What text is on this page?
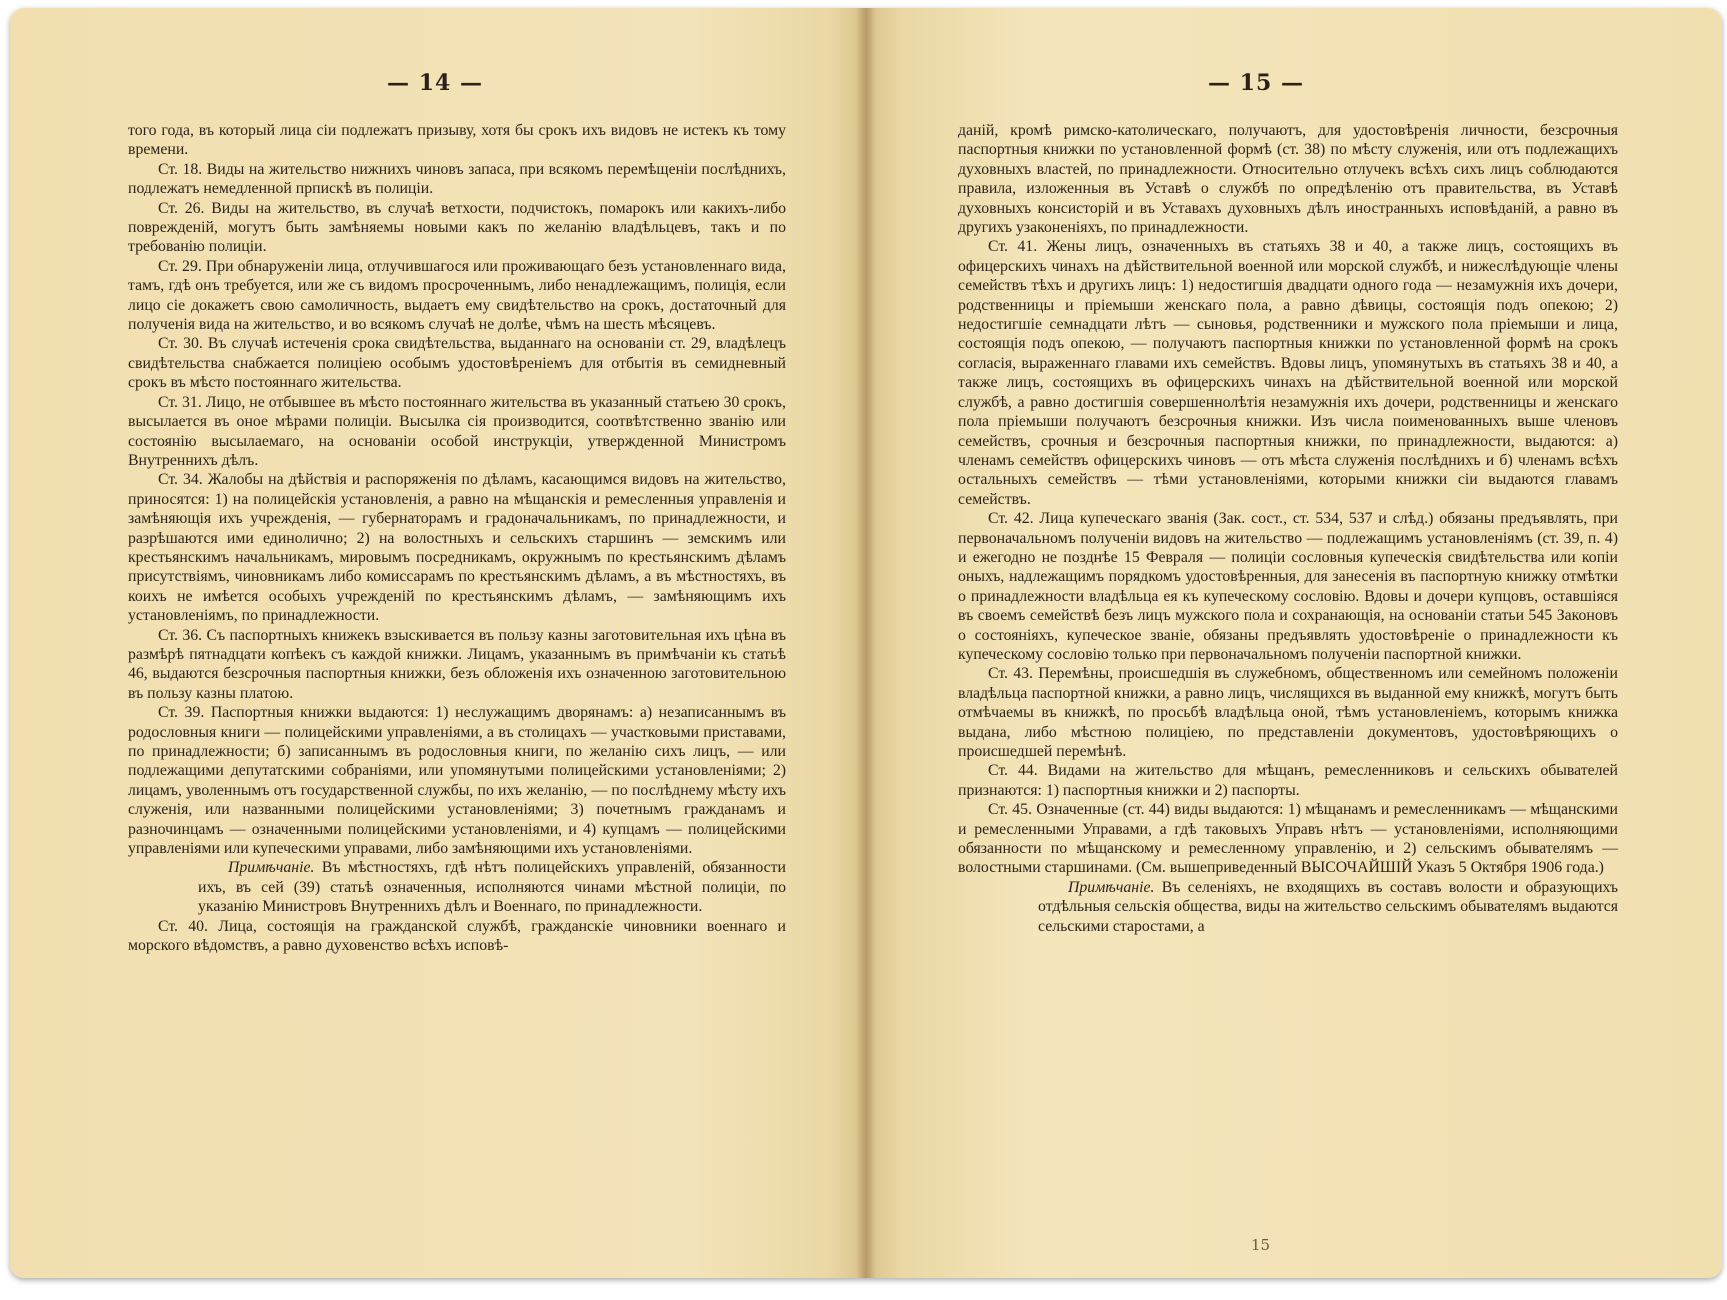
— 14 —

того года, въ который лица сіи подлежатъ призыву, хотя бы срокъ ихъ видовъ не истекъ къ тому времени.

Ст. 18. Виды на жительство нижнихъ чиновъ запаса, при всякомъ перемѣщеніи послѣднихъ, подлежатъ немедленной прпискѣ въ полиціи.

Ст. 26. Виды на жительство, въ случаѣ ветхости, подчистокъ, помарокъ или какихъ-либо поврежденій, могутъ быть замѣняемы новыми какъ по желанію владѣльцевъ, такъ и по требованію полиціи.

Ст. 29. При обнаруженіи лица, отлучившагося или проживающаго безъ установленнаго вида, тамъ, гдѣ онъ требуется, или же съ видомъ просроченнымъ, либо ненадлежащимъ, полиція, если лицо сіе докажетъ свою самоличность, выдаетъ ему свидѣтельство на срокъ, достаточный для полученія вида на жительство, и во всякомъ случаѣ не долѣе, чѣмъ на шесть мѣсяцевъ.

Ст. 30. Въ случаѣ истеченія срока свидѣтельства, выданнаго на основаніи ст. 29, владѣлецъ свидѣтельства снабжается полиціею особымъ удостовѣреніемъ для отбытія въ семидневный срокъ въ мѣсто постояннаго жительства.

Ст. 31. Лицо, не отбывшее въ мѣсто постояннаго жительства въ указанный статьею 30 срокъ, высылается въ оное мѣрами полиціи. Высылка сія производится, соотвѣтственно званію или состоянію высылаемаго, на основаніи особой инструкціи, утвержденной Министромъ Внутреннихъ дѣлъ.

Ст. 34. Жалобы на дѣйствія и распоряженія по дѣламъ, касающимся видовъ на жительство, приносятся: 1) на полицейскія установленія, а равно на мѣщанскія и ремесленныя управленія и замѣняющія ихъ учрежденія, — губернаторамъ и градоначальникамъ, по принадлежности, и разрѣшаются ими единолично; 2) на волостныхъ и сельскихъ старшинъ — земскимъ или крестьянскимъ начальникамъ, мировымъ посредникамъ, окружнымъ по крестьянскимъ дѣламъ присутствіямъ, чиновникамъ либо комиссарамъ по крестьянскимъ дѣламъ, а въ мѣстностяхъ, въ коихъ не имѣется особыхъ учрежденій по крестьянскимъ дѣламъ, — замѣняющимъ ихъ установленіямъ, по принадлежности.

Ст. 36. Съ паспортныхъ книжекъ взыскивается въ пользу казны заготовительная ихъ цѣна въ размѣрѣ пятнадцати копѣекъ съ каждой книжки. Лицамъ, указаннымъ въ примѣчаніи къ статьѣ 46, выдаются безсрочныя паспортныя книжки, безъ обложенія ихъ означенною заготовительною въ пользу казны платою.

Ст. 39. Паспортныя книжки выдаются: 1) неслужащимъ дворянамъ: а) незаписаннымъ въ родословныя книги — полицейскими управленіями, а въ столицахъ — участковыми приставами, по принадлежности; б) записаннымъ въ родословныя книги, по желанію сихъ лицъ, — или подлежащими депутатскими собраніями, или упомянутыми полицейскими установленіями; 2) лицамъ, уволеннымъ отъ государственной службы, по ихъ желанію, — по послѣднему мѣсту ихъ служенія, или названными полицейскими установленіями; 3) почетнымъ гражданамъ и разночинцамъ — означенными полицейскими установленіями, и 4) купцамъ — полицейскими управленіями или купеческими управами, либо замѣняющими ихъ установленіями.

Примѣчаніе. Въ мѣстностяхъ, гдѣ нѣтъ полицейскихъ управленій, обязанности ихъ, въ сей (39) статьѣ означенныя, исполняются чинами мѣстной полиціи, по указанію Министровъ Внутреннихъ дѣлъ и Военнаго, по принадлежности.

Ст. 40. Лица, состоящія на гражданской службѣ, гражданскіе чиновники военнаго и морского вѣдомствъ, а равно духовенство всѣхъ исповѣ-

— 15 —

даній, кромѣ римско-католическаго, получаютъ, для удостовѣренія личности, безсрочныя паспортныя книжки по установленной формѣ (ст. 38) по мѣсту служенія, или отъ подлежащихъ духовныхъ властей, по принадлежности. Относительно отлучекъ всѣхъ сихъ лицъ соблюдаются правила, изложенныя въ Уставѣ о службѣ по опредѣленію отъ правительства, въ Уставѣ духовныхъ консисторій и въ Уставахъ духовныхъ дѣлъ иностранныхъ исповѣданій, а равно въ другихъ узаконеніяхъ, по принадлежности.

Ст. 41. Жены лицъ, означенныхъ въ статьяхъ 38 и 40, а также лицъ, состоящихъ въ офицерскихъ чинахъ на дѣйствительной военной или морской службѣ, и нижеслѣдующіе члены семействъ тѣхъ и другихъ лицъ: 1) недостигшія двадцати одного года — незамужнія ихъ дочери, родственницы и пріемыши женскаго пола, а равно дѣвицы, состоящія подъ опекою; 2) недостигшіе семнадцати лѣтъ — сыновья, родственники и мужского пола пріемыши и лица, состоящія подъ опекою, — получаютъ паспортныя книжки по установленной формѣ на срокъ согласія, выраженнаго главами ихъ семействъ. Вдовы лицъ, упомянутыхъ въ статьяхъ 38 и 40, а также лицъ, состоящихъ въ офицерскихъ чинахъ на дѣйствительной военной или морской службѣ, а равно достигшія совершеннолѣтія незамужнія ихъ дочери, родственницы и женскаго пола пріемыши получаютъ безсрочныя книжки. Изъ числа поименованныхъ выше членовъ семействъ, срочныя и безсрочныя паспортныя книжки, по принадлежности, выдаются: а) членамъ семействъ офицерскихъ чиновъ — отъ мѣста служенія послѣднихъ и б) членамъ всѣхъ остальныхъ семействъ — тѣми установленіями, которыми книжки сіи выдаются главамъ семействъ.

Ст. 42. Лица купеческаго званія (Зак. сост., ст. 534, 537 и слѣд.) обязаны предъявлять, при первоначальномъ полученіи видовъ на жительство — подлежащимъ установленіямъ (ст. 39, п. 4) и ежегодно не позднѣе 15 Февраля — полиціи сословныя купеческія свидѣтельства или копіи оныхъ, надлежащимъ порядкомъ удостовѣренныя, для занесенія въ паспортную книжку отмѣтки о принадлежности владѣльца ея къ купеческому сословію. Вдовы и дочери купцовъ, оставшіяся въ своемъ семействѣ безъ лицъ мужского пола и сохранающія, на основаніи статьи 545 Законовъ о состояніяхъ, купеческое званіе, обязаны предъявлять удостовѣреніе о принадлежности къ купеческому сословію только при первоначальномъ полученіи паспортной книжки.

Ст. 43. Перемѣны, происшедшія въ служебномъ, общественномъ или семейномъ положеніи владѣльца паспортной книжки, а равно лицъ, числящихся въ выданной ему книжкѣ, могутъ быть отмѣчаемы въ книжкѣ, по просьбѣ владѣльца оной, тѣмъ установленіемъ, которымъ книжка выдана, либо мѣстною полиціею, по представленіи документовъ, удостовѣряющихъ о происшедшей перемѣнѣ.

Ст. 44. Видами на жительство для мѣщанъ, ремесленниковъ и сельскихъ обывателей признаются: 1) паспортныя книжки и 2) паспорты.

Ст. 45. Означенные (ст. 44) виды выдаются: 1) мѣщанамъ и ремесленникамъ — мѣщанскими и ремесленными Управами, а гдѣ таковыхъ Управъ нѣтъ — установленіями, исполняющими обязанности по мѣщанскому и ремесленному управленію, и 2) сельскимъ обывателямъ — волостными старшинами. (См. вышеприведенный ВЫСОЧАЙШІЙ Указъ 5 Октября 1906 года.)

Примѣчаніе. Въ селеніяхъ, не входящихъ въ составъ волости и образующихъ отдѣльныя сельскія общества, виды на жительство сельскимъ обывателямъ выдаются сельскими старостами, а

15
